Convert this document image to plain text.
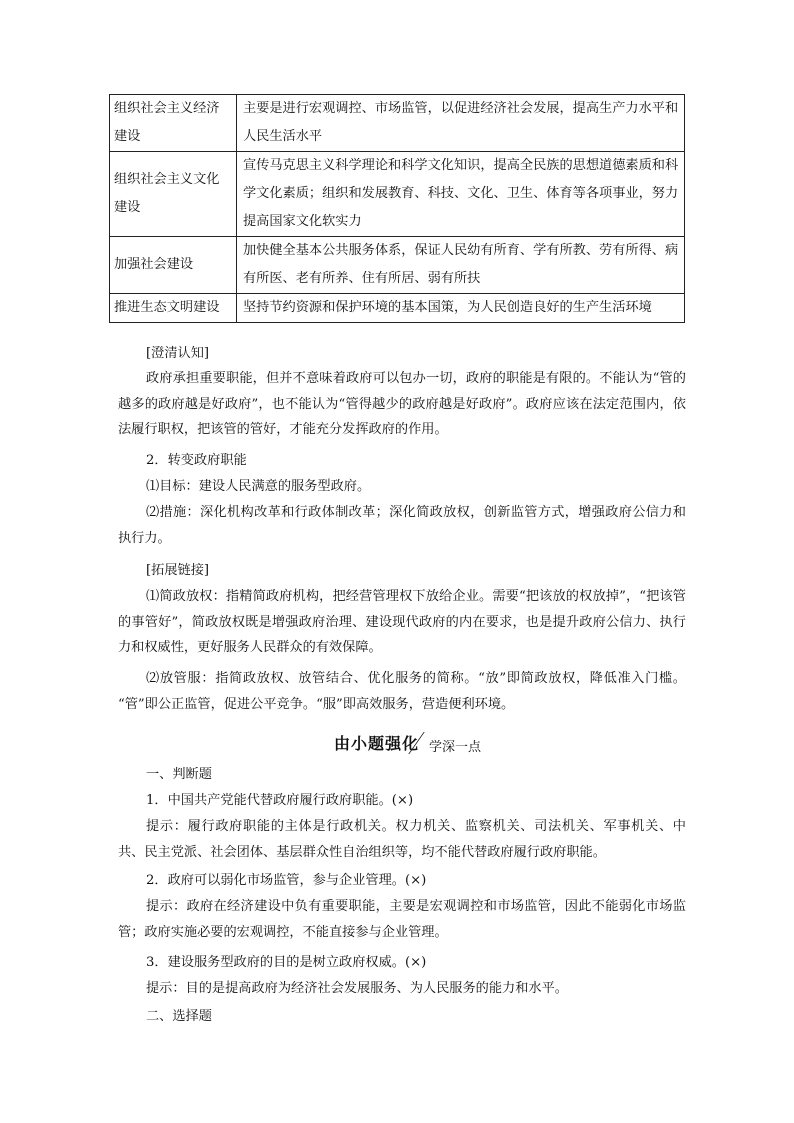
组织社会主义经济建设	主要是进行宏观调控、市场监管，以促进经济社会发展，提高生产力水平和人民生活水平
组织社会主义文化建设	宣传马克思主义科学理论和科学文化知识，提高全民族的思想道德素质和科学文化素质；组织和发展教育、科技、文化、卫生、体育等各项事业，努力提高国家文化软实力
加强社会建设	加快健全基本公共服务体系，保证人民幼有所育、学有所教、劳有所得、病有所医、老有所养、住有所居、弱有所扶
推进生态文明建设	坚持节约资源和保护环境的基本国策，为人民创造良好的生产生活环境
[澄清认知]
政府承担重要职能，但并不意味着政府可以包办一切，政府的职能是有限的。不能认为“管的越多的政府越是好政府”，也不能认为“管得越少的政府越是好政府”。政府应该在法定范围内，依法履行职权，把该管的管好，才能充分发挥政府的作用。
2．转变政府职能
⑴目标：建设人民满意的服务型政府。
⑵措施：深化机构改革和行政体制改革；深化简政放权，创新监管方式，增强政府公信力和执行力。
[拓展链接]
⑴简政放权：指精简政府机构，把经营管理权下放给企业。需要“把该放的权放掉”，“把该管的事管好”，简政放权既是增强政府治理、建设现代政府的内在要求，也是提升政府公信力、执行力和权威性，更好服务人民群众的有效保障。
⑵放管服：指简政放权、放管结合、优化服务的简称。“放”即简政放权，降低准入门槛。 “管”即公正监管，促进公平竞争。“服”即高效服务，营造便利环境。
由小题强化 学深一点
一、判断题
1．中国共产党能代替政府履行政府职能。(×)
提示：履行政府职能的主体是行政机关。权力机关、监察机关、司法机关、军事机关、中共、民主党派、社会团体、基层群众性自治组织等，均不能代替政府履行政府职能。
2．政府可以弱化市场监管，参与企业管理。(×)
提示：政府在经济建设中负有重要职能，主要是宏观调控和市场监管，因此不能弱化市场监管；政府实施必要的宏观调控，不能直接参与企业管理。
3．建设服务型政府的目的是树立政府权威。(×)
提示：目的是提高政府为经济社会发展服务、为人民服务的能力和水平。
二、选择题
